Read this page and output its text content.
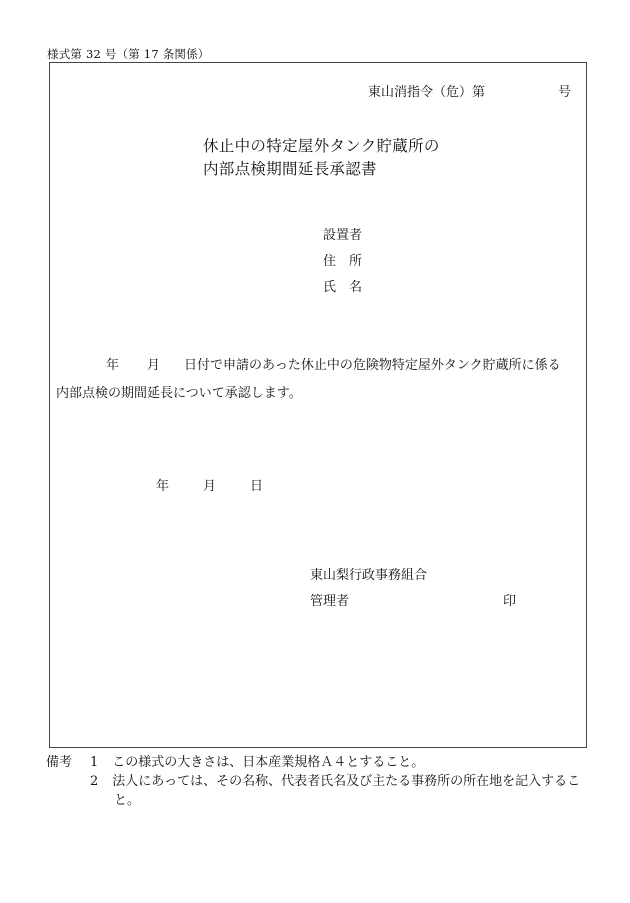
様式第 32 号（第 17 条関係）
東山消指令（危）第	号
休止中の特定屋外タンク貯蔵所の
内部点検期間延長承認書
設置者
住　所
氏　名
年 月 日付で申請のあった休止中の危険物特定屋外タンク貯蔵所に係る
内部点検の期間延長について承認します。
年	月	日
東山梨行政事務組合
管理者	印
備考 1 この様式の大きさは、日本産業規格Ａ４とすること。
2 法人にあっては、その名称、代表者氏名及び主たる事務所の所在地を記入するこ
と。
